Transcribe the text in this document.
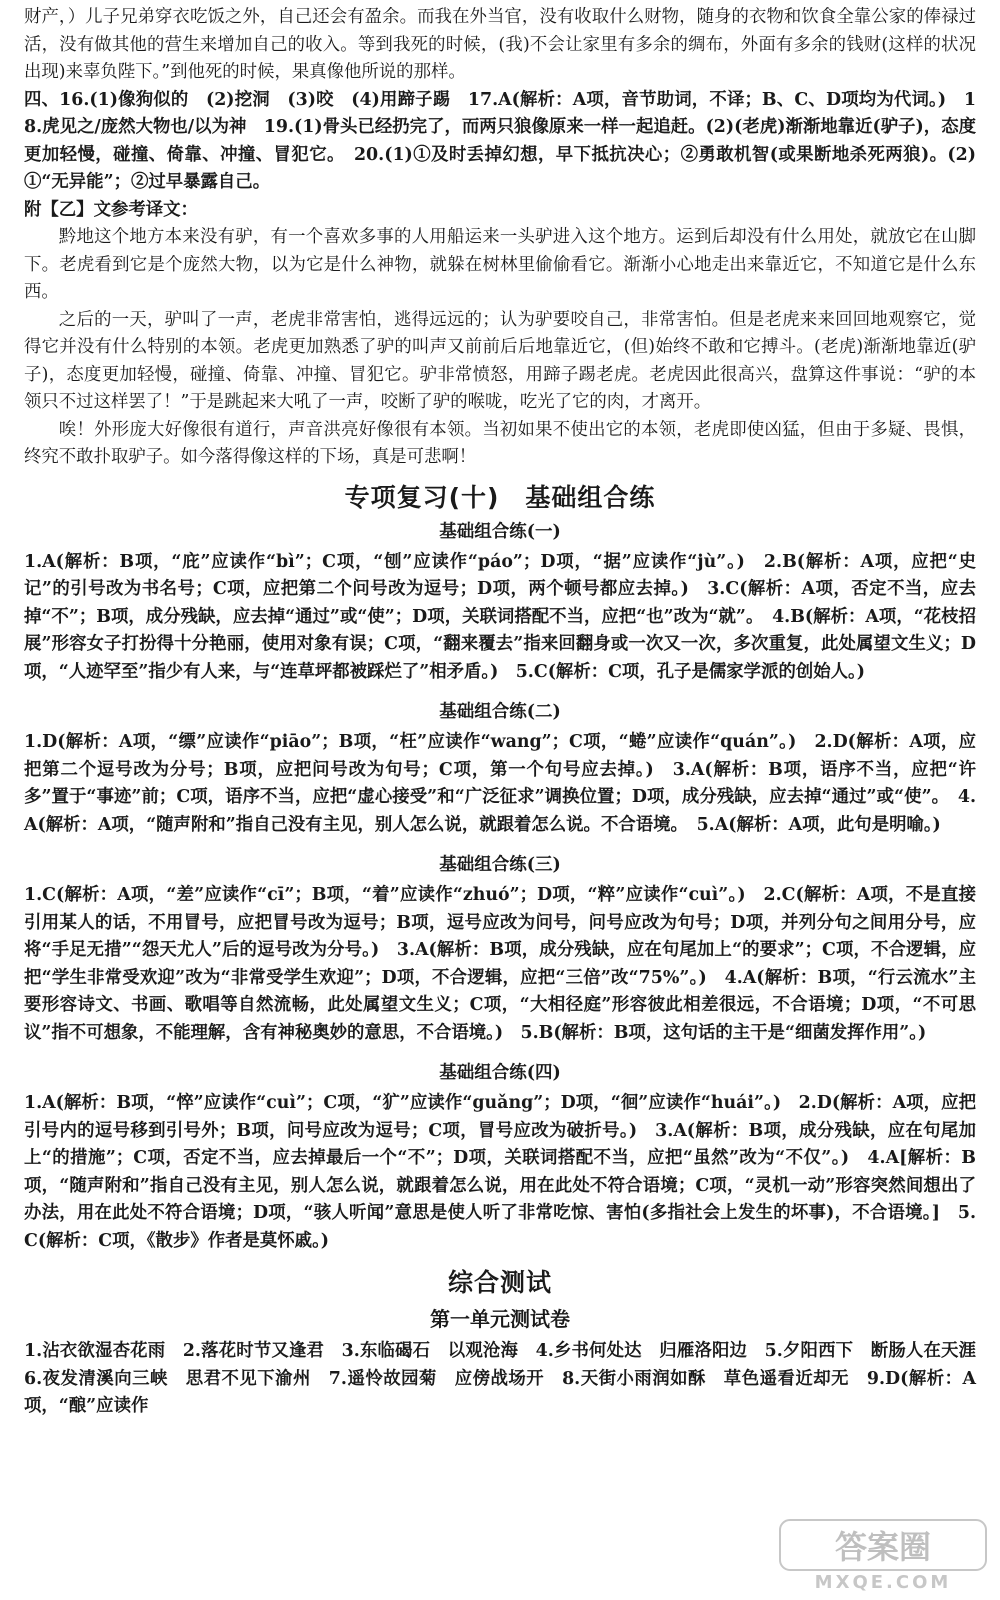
财产，）儿子兄弟穿衣吃饭之外，自己还会有盈余。而我在外当官，没有收取什么财物，随身的衣物和饮食全靠公家的俸禄过活，没有做其他的营生来增加自己的收入。等到我死的时候，(我)不会让家里有多余的绸布，外面有多余的钱财(这样的状况出现)来辜负陛下。”到他死的时候，果真像他所说的那样。

四、16.(1)像狗似的　(2)挖洞　(3)咬　(4)用蹄子踢　17.A(解析：A项，音节助词，不译；B、C、D项均为代词。)　18.虎见之/庞然大物也/以为神　19.(1)骨头已经扔完了，而两只狼像原来一样一起追赶。(2)(老虎)渐渐地靠近(驴子)，态度更加轻慢，碰撞、倚靠、冲撞、冒犯它。　20.(1)①及时丢掉幻想，早下抵抗决心；②勇敢机智(或果断地杀死两狼)。(2)①“无异能”；②过早暴露自己。

附【乙】文参考译文：

黔地这个地方本来没有驴，有一个喜欢多事的人用船运来一头驴进入这个地方。运到后却没有什么用处，就放它在山脚下。老虎看到它是个庞然大物，以为它是什么神物，就躲在树林里偷偷看它。渐渐小心地走出来靠近它，不知道它是什么东西。

之后的一天，驴叫了一声，老虎非常害怕，逃得远远的；认为驴要咬自己，非常害怕。但是老虎来来回回地观察它，觉得它并没有什么特别的本领。老虎更加熟悉了驴的叫声又前前后后地靠近它，(但)始终不敢和它搏斗。(老虎)渐渐地靠近(驴子)，态度更加轻慢，碰撞、倚靠、冲撞、冒犯它。驴非常愤怒，用蹄子踢老虎。老虎因此很高兴，盘算这件事说：“驴的本领只不过这样罢了！”于是跳起来大吼了一声，咬断了驴的喉咙，吃光了它的肉，才离开。

唉！外形庞大好像很有道行，声音洪亮好像很有本领。当初如果不使出它的本领，老虎即使凶猛，但由于多疑、畏惧，终究不敢扑取驴子。如今落得像这样的下场，真是可悲啊！

专项复习(十)　基础组合练
基础组合练(一)

1.A(解析：B项，“庇”应读作“bì”；C项，“刨”应读作“páo”；D项，“据”应读作“jù”。)　2.B(解析：A项，应把“史记”的引号改为书名号；C项，应把第二个问号改为逗号；D项，两个顿号都应去掉。)　3.C(解析：A项，否定不当，应去掉“不”；B项，成分残缺，应去掉“通过”或“使”；D项，关联词搭配不当，应把“也”改为“就”。　4.B(解析：A项，“花枝招展”形容女子打扮得十分艳丽，使用对象有误；C项，“翻来覆去”指来回翻身或一次又一次，多次重复，此处属望文生义；D项，“人迹罕至”指少有人来，与“连草坪都被踩烂了”相矛盾。)　5.C(解析：C项，孔子是儒家学派的创始人。)

基础组合练(二)

1.D(解析：A项，“缥”应读作“piāo”；B项，“枉”应读作“wang”；C项，“蜷”应读作“quán”。)　2.D(解析：A项，应把第二个逗号改为分号；B项，应把问号改为句号；C项，第一个句号应去掉。)　3.A(解析：B项，语序不当，应把“许多”置于“事迹”前；C项，语序不当，应把“虚心接受”和“广泛征求”调换位置；D项，成分残缺，应去掉“通过”或“使”。　4.A(解析：A项，“随声附和”指自己没有主见，别人怎么说，就跟着怎么说。不合语境。　5.A(解析：A项，此句是明喻。)

基础组合练(三)

1.C(解析：A项，“差”应读作“cī”；B项，“着”应读作“zhuó”；D项，“粹”应读作“cuì”。)　2.C(解析：A项，不是直接引用某人的话，不用冒号，应把冒号改为逗号；B项，逗号应改为问号，问号应改为句号；D项，并列分句之间用分号，应将“手足无措”“怨天尤人”后的逗号改为分号。)　3.A(解析：B项，成分残缺，应在句尾加上“的要求”；C项，不合逻辑，应把“学生非常受欢迎”改为“非常受学生欢迎”；D项，不合逻辑，应把“三倍”改“75%”。)　4.A(解析：B项，“行云流水”主要形容诗文、书画、歌唱等自然流畅，此处属望文生义；C项，“大相径庭”形容彼此相差很远，不合语境；D项，“不可思议”指不可想象，不能理解，含有神秘奥妙的意思，不合语境。)　5.B(解析：B项，这句话的主干是“细菌发挥作用”。)

基础组合练(四)

1.A(解析：B项，“悴”应读作“cuì”；C项，“犷”应读作“guǎng”；D项，“徊”应读作“huái”。)　2.D(解析：A项，应把引号内的逗号移到引号外；B项，问号应改为逗号；C项，冒号应改为破折号。)　3.A(解析：B项，成分残缺，应在句尾加上“的措施”；C项，否定不当，应去掉最后一个“不”；D项，关联词搭配不当，应把“虽然”改为“不仅”。)　4.A[解析：B项，“随声附和”指自己没有主见，别人怎么说，就跟着怎么说，用在此处不符合语境；C项，“灵机一动”形容突然间想出了办法，用在此处不符合语境；D项，“骇人听闻”意思是使人听了非常吃惊、害怕(多指社会上发生的坏事)，不合语境。]　5.C(解析：C项，《散步》作者是莫怀戚。)

综合测试
第一单元测试卷

1.沾衣欲湿杏花雨　2.落花时节又逢君　3.东临碣石　以观沧海　4.乡书何处达　归雁洛阳边　5.夕阳西下　断肠人在天涯　6.夜发清溪向三峡　思君不见下渝州　7.遥怜故园菊　应傍战场开　8.天街小雨润如酥　草色遥看近却无　9.D(解析：A项，“酿”应读作

答案圈
MXQE.COM
